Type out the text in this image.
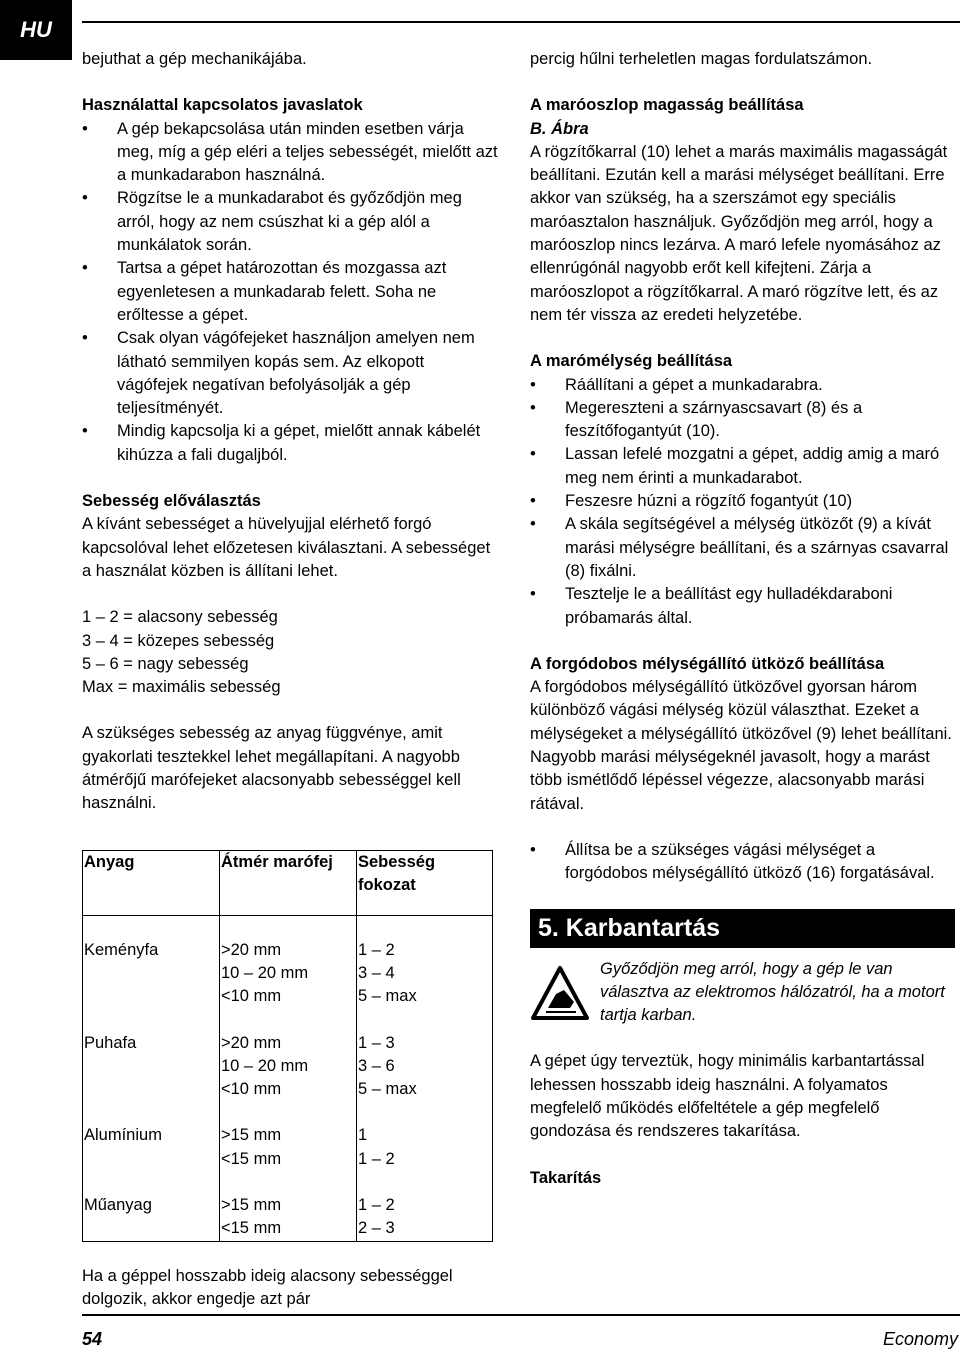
HU

bejuthat a gép mechanikájába.

Használattal kapcsolatos javaslatok

• A gép bekapcsolása után minden esetben várja meg, míg a gép eléri a teljes sebességét, mielőtt azt a munkadarabon használná.
• Rögzítse le a munkadarabot és győződjön meg arról, hogy az nem csúszhat ki a gép alól a munkálatok során.
• Tartsa a gépet határozottan és mozgassa azt egyenletesen a munkadarab felett. Soha ne erőltesse a gépet.
• Csak olyan vágófejeket használjon amelyen nem látható semmilyen kopás sem. Az elkopott vágófejek negatívan befolyásolják a gép teljesítményét.
• Mindig kapcsolja ki a gépet, mielőtt annak kábelét kihúzza a fali dugaljból.

Sebesség előválasztás

A kívánt sebességet a hüvelyujjal elérhető forgó kapcsolóval lehet előzetesen kiválasztani. A sebességet a használat közben is állítani lehet.

1 – 2 = alacsony sebesség

3 – 4 = közepes sebesség

5 – 6 = nagy sebesség

Max = maximális sebesség

A szükséges sebesség az anyag függvénye, amit gyakorlati tesztekkel lehet megállapítani. A nagyobb átmérőjű marófejeket alacsonyabb sebességgel kell használni.

Anyag	Átmér marófej	Sebesség fokozat

Keményfa	>20 mm	1 – 2
	10 – 20 mm	3 – 4
	<10 mm	5 – max

Puhafa	>20 mm	1 – 3
	10 – 20 mm	3 – 6
	<10 mm	5 – max

Alumínium	>15 mm	1
	<15 mm	1 – 2

Műanyag	>15 mm	1 – 2
	<15 mm	2 – 3

Ha a géppel hosszabb ideig alacsony sebességgel dolgozik, akkor engedje azt pár

percig hűlni terheletlen magas fordulatszámon.

A maróoszlop magasság beállítása

B. Ábra

A rögzítőkarral (10) lehet a marás maximális magasságát beállítani. Ezután kell a marási mélységet beállítani. Erre akkor van szükség, ha a szerszámot egy speciális maróasztalon használjuk. Győződjön meg arról, hogy a maróoszlop nincs lezárva. A maró lefele nyomásához az ellenrúgónál nagyobb erőt kell kifejteni. Zárja a maróoszlopot a rögzítőkarral. A maró rögzítve lett, és az nem tér vissza az eredeti helyzetébe.

A marómélység beállítása

• Ráállítani a gépet a munkadarabra.
• Megereszteni a szárnyascsavart (8) és a feszítőfogantyút (10).
• Lassan lefelé mozgatni a gépet, addig amig a maró meg nem érinti a munkadarabot.
• Feszesre húzni a rögzítő fogantyút (10)
• A skála segítségével a mélység ütközőt (9) a kívát marási mélységre beállítani, és a szárnyas csavarral (8) fixálni.
• Tesztelje le a beállítást egy hulladékdaraboni próbamarás által.

A forgódobos mélységállító ütköző beállítása

A forgódobos mélységállító ütközővel gyorsan három különböző vágási mélység közül választhat. Ezeket a mélységeket a mélységállító ütközővel (9) lehet beállítani.

Nagyobb marási mélységeknél javasolt, hogy a marást több ismétlődő lépéssel végezze, alacsonyabb marási rátával.

• Állítsa be a szükséges vágási mélységet a forgódobos mélységállító ütköző (16) forgatásával.
5. Karbantartás

Győződjön meg arról, hogy a gép le van választva az elektromos hálózatról, ha a motort tartja karban.

A gépet úgy terveztük, hogy minimális karbantartással lehessen hosszabb ideig használni. A folyamatos megfelelő működés előfeltétele a gép megfelelő gondozása és rendszeres takarítása.

Takarítás

54	Economy
